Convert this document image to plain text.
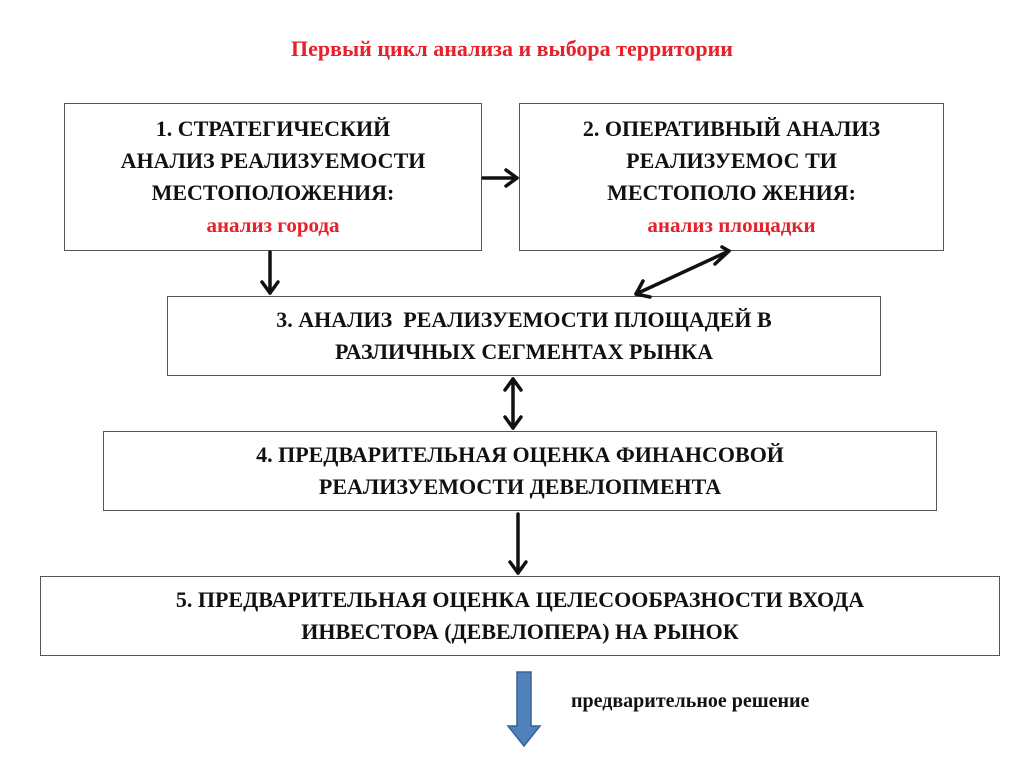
Первый цикл анализа и выбора территории
1. СТРАТЕГИЧЕСКИЙ
АНАЛИЗ РЕАЛИЗУЕМОСТИ
МЕСТОПОЛОЖЕНИЯ:
анализ города
2. ОПЕРАТИВНЫЙ АНАЛИЗ
РЕАЛИЗУЕМОС ТИ
МЕСТОПОЛО ЖЕНИЯ:
анализ площадки
3. АНАЛИЗ  РЕАЛИЗУЕМОСТИ ПЛОЩАДЕЙ В
РАЗЛИЧНЫХ СЕГМЕНТАХ РЫНКА
4. ПРЕДВАРИТЕЛЬНАЯ ОЦЕНКА ФИНАНСОВОЙ
РЕАЛИЗУЕМОСТИ ДЕВЕЛОПМЕНТА
5. ПРЕДВАРИТЕЛЬНАЯ ОЦЕНКА ЦЕЛЕСООБРАЗНОСТИ ВХОДА
ИНВЕСТОРА (ДЕВЕЛОПЕРА) НА РЫНОК
предварительное решение
